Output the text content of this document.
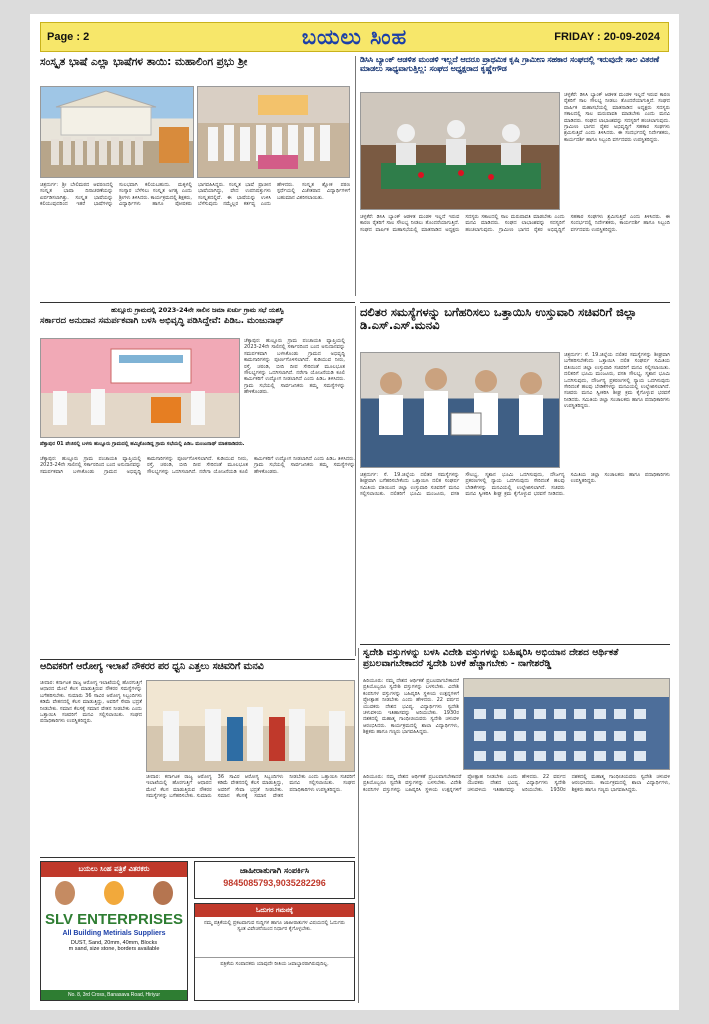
Page : 2	ಬಯಲು ಸಿಂಹ	FRIDAY : 20-09-2024
ಸಂಸ್ಕೃತ ಭಾಷೆ ಎಲ್ಲಾ ಭಾಷೆಗಳ ತಾಯಿ: ಮಹಾಲಿಂಗ ಪ್ರಭು ಶ್ರೀ
ಚಿತ್ರದುರ್ಗ: ಶ್ರೀ ಬೇಲಿಮಠದ ಆವರಣದಲ್ಲಿ ಸಂಸ್ಕೃತ ಭಾಷಾ ದಿನಾಚರಣೆಯನ್ನು ಏರ್ಪಡಿಸಲಾಗಿತ್ತು. ಸಂಸ್ಕೃತ ಭಾಷೆಯನ್ನು ಕಲಿಯುವುದರಿಂದ ಇತರೆ ಭಾಷೆಗಳನ್ನು ಸುಲಭವಾಗಿ ಕಲಿಯಬಹುದು. ಮಕ್ಕಳಲ್ಲಿ ಸಂಸ್ಕಾರ ಬೆಳೆಸಲು ಸಂಸ್ಕೃತ ಅಗತ್ಯ ಎಂದು ಶ್ರೀಗಳು ತಿಳಿಸಿದರು. ಕಾರ್ಯಕ್ರಮದಲ್ಲಿ ಶಿಕ್ಷಕರು, ವಿದ್ಯಾರ್ಥಿಗಳು ಹಾಗೂ ಪೋಷಕರು ಭಾಗವಹಿಸಿದ್ದರು. ಸಂಸ್ಕೃತ ಭಾಷೆ ಪ್ರಾಚೀನ ಭಾಷೆಯಾಗಿದ್ದು, ವೇದ ಉಪನಿಷತ್ತುಗಳು ಸಂಸ್ಕೃತದಲ್ಲಿವೆ. ಈ ಭಾಷೆಯನ್ನು ಉಳಿಸಿ ಬೆಳೆಸುವುದು ನಮ್ಮೆಲ್ಲರ ಕರ್ತವ್ಯ ಎಂದು ಹೇಳಿದರು. ಸಂಸ್ಕೃತ ಶ್ಲೋಕ ಪಠಣ ಸ್ಪರ್ಧೆಯಲ್ಲಿ ವಿಜೇತರಾದ ವಿದ್ಯಾರ್ಥಿಗಳಿಗೆ ಬಹುಮಾನ ವಿತರಿಸಲಾಯಿತು.
ಡಿಸಿಸಿ ಬ್ಯಾಂಕ್ ಆಡಳಿತ ಮಂಡಳಿ ಇಲ್ಲದೆ ಆದರೂ ಪ್ರಾಥಮಿಕ ಕೃಷಿ ಗ್ರಾಮೀಣ ಸಹಕಾರ ಸಂಘದಲ್ಲಿ ಇರುವುದೇ ಸಾಲ ವಿತರಣೆ ಮಾಡಲು ಸಾಧ್ಯವಾಗುತ್ತಿಲ್ಲ: ಸಂಘದ ಅಧ್ಯಕ್ಷರಾದ ಕೃಷ್ಣೇಗೌಡ
ಚಳ್ಳಕೆರೆ: ಡಿಸಿಸಿ ಬ್ಯಾಂಕ್ ಆಡಳಿತ ಮಂಡಳಿ ಇಲ್ಲದೆ ಇರುವ ಕಾರಣ ರೈತರಿಗೆ ಸಾಲ ಸೌಲಭ್ಯ ನೀಡಲು ತೊಂದರೆಯಾಗುತ್ತಿದೆ. ಸಂಘದ ವಾರ್ಷಿಕ ಮಹಾಸಭೆಯಲ್ಲಿ ಮಾತನಾಡಿದ ಅಧ್ಯಕ್ಷರು ಸದಸ್ಯರು ಸಕಾಲದಲ್ಲಿ ಸಾಲ ಮರುಪಾವತಿ ಮಾಡಬೇಕು ಎಂದು ಮನವಿ ಮಾಡಿದರು. ಸಂಘದ ಲಾಭಾಂಶವನ್ನು ಸದಸ್ಯರಿಗೆ ಹಂಚಲಾಗುವುದು. ಗ್ರಾಮೀಣ ಭಾಗದ ರೈತರ ಅಭಿವೃದ್ಧಿಗೆ ಸಹಕಾರ ಸಂಘಗಳು ಶ್ರಮಿಸುತ್ತಿವೆ ಎಂದು ತಿಳಿಸಿದರು. ಈ ಸಂದರ್ಭದಲ್ಲಿ ನಿರ್ದೇಶಕರು, ಕಾರ್ಯದರ್ಶಿ ಹಾಗೂ ಸಿಬ್ಬಂದಿ ವರ್ಗದವರು ಉಪಸ್ಥಿತರಿದ್ದರು.
ಚಳ್ಳಕೆರೆ: ಡಿಸಿಸಿ ಬ್ಯಾಂಕ್ ಆಡಳಿತ ಮಂಡಳಿ ಇಲ್ಲದೆ ಇರುವ ಕಾರಣ ರೈತರಿಗೆ ಸಾಲ ಸೌಲಭ್ಯ ನೀಡಲು ತೊಂದರೆಯಾಗುತ್ತಿದೆ. ಸಂಘದ ವಾರ್ಷಿಕ ಮಹಾಸಭೆಯಲ್ಲಿ ಮಾತನಾಡಿದ ಅಧ್ಯಕ್ಷರು ಸದಸ್ಯರು ಸಕಾಲದಲ್ಲಿ ಸಾಲ ಮರುಪಾವತಿ ಮಾಡಬೇಕು ಎಂದು ಮನವಿ ಮಾಡಿದರು. ಸಂಘದ ಲಾಭಾಂಶವನ್ನು ಸದಸ್ಯರಿಗೆ ಹಂಚಲಾಗುವುದು. ಗ್ರಾಮೀಣ ಭಾಗದ ರೈತರ ಅಭಿವೃದ್ಧಿಗೆ ಸಹಕಾರ ಸಂಘಗಳು ಶ್ರಮಿಸುತ್ತಿವೆ ಎಂದು ತಿಳಿಸಿದರು. ಈ ಸಂದರ್ಭದಲ್ಲಿ ನಿರ್ದೇಶಕರು, ಕಾರ್ಯದರ್ಶಿ ಹಾಗೂ ಸಿಬ್ಬಂದಿ ವರ್ಗದವರು ಉಪಸ್ಥಿತರಿದ್ದರು.
ಹುಲ್ಲೂರು ಗ್ರಾಮದಲ್ಲಿ 2023-24ನೇ ಸಾಲಿನ ಜಮಾ ಖರ್ಚು ಗ್ರಾಮ ಸಭೆ ಯಶಸ್ವಿ
ಸರ್ಕಾರದ ಅನುದಾನ ಸಮರ್ಪಕವಾಗಿ ಬಳಸಿ ಅಭಿವೃದ್ಧಿ ಪಡಿಸಿದ್ದೇವೆ: ಪಿಡಿಒ. ಮಂಜುನಾಥ್
ಚೆಕ್ಕಾಪುರ: ಹುಲ್ಲೂರು ಗ್ರಾಮ ಪಂಚಾಯತಿ ವ್ಯಾಪ್ತಿಯಲ್ಲಿ 2023-24ನೇ ಸಾಲಿನಲ್ಲಿ ಸರ್ಕಾರದಿಂದ ಬಂದ ಅನುದಾನವನ್ನು ಸಮರ್ಪಕವಾಗಿ ಬಳಸಿಕೊಂಡು ಗ್ರಾಮದ ಅಭಿವೃದ್ಧಿ ಕಾಮಗಾರಿಗಳನ್ನು ಪೂರ್ಣಗೊಳಿಸಲಾಗಿದೆ. ಕುಡಿಯುವ ನೀರು, ರಸ್ತೆ, ಚರಂಡಿ, ಬೀದಿ ದೀಪ ಸೇರಿದಂತೆ ಮೂಲಭೂತ ಸೌಲಭ್ಯಗಳನ್ನು ಒದಗಿಸಲಾಗಿದೆ. ನರೇಗಾ ಯೋಜನೆಯಡಿ ಕೂಲಿ ಕಾರ್ಮಿಕರಿಗೆ ಉದ್ಯೋಗ ನೀಡಲಾಗಿದೆ ಎಂದು ಪಿಡಿಒ ತಿಳಿಸಿದರು. ಗ್ರಾಮ ಸಭೆಯಲ್ಲಿ ಸಾರ್ವಜನಿಕರು ತಮ್ಮ ಸಮಸ್ಯೆಗಳನ್ನು ಹೇಳಿಕೊಂಡರು.
ಪೆತ್ತಾಪುರ 01 ಪೇಜಿನಲ್ಲಿ ಬಳಸು ಹುಲ್ಲೂರು ಗ್ರಾಮದಲ್ಲಿ ಹಮ್ಮಿಕೊಂಡಿದ್ದ ಗ್ರಾಮ ಸಭೆಯಲ್ಲಿ ಪಿಡಿಒ ಮಂಜುನಾಥ್ ಮಾತನಾಡಿದರು.
ಚೆಕ್ಕಾಪುರ: ಹುಲ್ಲೂರು ಗ್ರಾಮ ಪಂಚಾಯತಿ ವ್ಯಾಪ್ತಿಯಲ್ಲಿ 2023-24ನೇ ಸಾಲಿನಲ್ಲಿ ಸರ್ಕಾರದಿಂದ ಬಂದ ಅನುದಾನವನ್ನು ಸಮರ್ಪಕವಾಗಿ ಬಳಸಿಕೊಂಡು ಗ್ರಾಮದ ಅಭಿವೃದ್ಧಿ ಕಾಮಗಾರಿಗಳನ್ನು ಪೂರ್ಣಗೊಳಿಸಲಾಗಿದೆ. ಕುಡಿಯುವ ನೀರು, ರಸ್ತೆ, ಚರಂಡಿ, ಬೀದಿ ದೀಪ ಸೇರಿದಂತೆ ಮೂಲಭೂತ ಸೌಲಭ್ಯಗಳನ್ನು ಒದಗಿಸಲಾಗಿದೆ. ನರೇಗಾ ಯೋಜನೆಯಡಿ ಕೂಲಿ ಕಾರ್ಮಿಕರಿಗೆ ಉದ್ಯೋಗ ನೀಡಲಾಗಿದೆ ಎಂದು ಪಿಡಿಒ ತಿಳಿಸಿದರು. ಗ್ರಾಮ ಸಭೆಯಲ್ಲಿ ಸಾರ್ವಜನಿಕರು ತಮ್ಮ ಸಮಸ್ಯೆಗಳನ್ನು ಹೇಳಿಕೊಂಡರು.
ದಲಿತರ ಸಮಸ್ಯೆಗಳನ್ನು ಬಗೆಹರಿಸಲು ಒತ್ತಾಯಿಸಿ ಉಸ್ತುವಾರಿ ಸಚಿವರಿಗೆ ಜಿಲ್ಲಾ ಡಿ.ಎಸ್.ಎಸ್.ಮನವಿ
ಚಿತ್ರದುರ್ಗ: ಸೆ. 19.ಜಿಲ್ಲೆಯ ದಲಿತರ ಸಮಸ್ಯೆಗಳನ್ನು ಶೀಘ್ರವಾಗಿ ಬಗೆಹರಿಸಬೇಕೆಂದು ಒತ್ತಾಯಿಸಿ ದಲಿತ ಸಂಘರ್ಷ ಸಮಿತಿಯ ವತಿಯಿಂದ ಜಿಲ್ಲಾ ಉಸ್ತುವಾರಿ ಸಚಿವರಿಗೆ ಮನವಿ ಸಲ್ಲಿಸಲಾಯಿತು. ದಲಿತರಿಗೆ ಭೂಮಿ ಮಂಜೂರು, ವಸತಿ ಸೌಲಭ್ಯ, ಸ್ಮಶಾನ ಭೂಮಿ ಒದಗಿಸುವುದು, ದೌರ್ಜನ್ಯ ಪ್ರಕರಣಗಳಲ್ಲಿ ನ್ಯಾಯ ಒದಗಿಸುವುದು ಸೇರಿದಂತೆ ಹಲವು ಬೇಡಿಕೆಗಳನ್ನು ಮನವಿಯಲ್ಲಿ ಉಲ್ಲೇಖಿಸಲಾಗಿದೆ. ಸಚಿವರು ಮನವಿ ಸ್ವೀಕರಿಸಿ ಶೀಘ್ರ ಕ್ರಮ ಕೈಗೊಳ್ಳುವ ಭರವಸೆ ನೀಡಿದರು. ಸಮಿತಿಯ ಜಿಲ್ಲಾ ಸಂಚಾಲಕರು ಹಾಗೂ ಪದಾಧಿಕಾರಿಗಳು ಉಪಸ್ಥಿತರಿದ್ದರು.
ಚಿತ್ರದುರ್ಗ: ಸೆ. 19.ಜಿಲ್ಲೆಯ ದಲಿತರ ಸಮಸ್ಯೆಗಳನ್ನು ಶೀಘ್ರವಾಗಿ ಬಗೆಹರಿಸಬೇಕೆಂದು ಒತ್ತಾಯಿಸಿ ದಲಿತ ಸಂಘರ್ಷ ಸಮಿತಿಯ ವತಿಯಿಂದ ಜಿಲ್ಲಾ ಉಸ್ತುವಾರಿ ಸಚಿವರಿಗೆ ಮನವಿ ಸಲ್ಲಿಸಲಾಯಿತು. ದಲಿತರಿಗೆ ಭೂಮಿ ಮಂಜೂರು, ವಸತಿ ಸೌಲಭ್ಯ, ಸ್ಮಶಾನ ಭೂಮಿ ಒದಗಿಸುವುದು, ದೌರ್ಜನ್ಯ ಪ್ರಕರಣಗಳಲ್ಲಿ ನ್ಯಾಯ ಒದಗಿಸುವುದು ಸೇರಿದಂತೆ ಹಲವು ಬೇಡಿಕೆಗಳನ್ನು ಮನವಿಯಲ್ಲಿ ಉಲ್ಲೇಖಿಸಲಾಗಿದೆ. ಸಚಿವರು ಮನವಿ ಸ್ವೀಕರಿಸಿ ಶೀಘ್ರ ಕ್ರಮ ಕೈಗೊಳ್ಳುವ ಭರವಸೆ ನೀಡಿದರು. ಸಮಿತಿಯ ಜಿಲ್ಲಾ ಸಂಚಾಲಕರು ಹಾಗೂ ಪದಾಧಿಕಾರಿಗಳು ಉಪಸ್ಥಿತರಿದ್ದರು.
ಆದಿವಕರಿಗೆ ಆರೋಗ್ಯ ಇಲಾಖೆ ನೌಕರರ ಪರ ಧ್ವನಿ ಎತ್ತಲು ಸಚಿವರಿಗೆ ಮನವಿ
ಚೀದಾರ: ಕರ್ನಾಟಕ ರಾಜ್ಯ ಆರೋಗ್ಯ ಇಲಾಖೆಯಲ್ಲಿ ಹೊರಗುತ್ತಿಗೆ ಆಧಾರದ ಮೇಲೆ ಕೆಲಸ ಮಾಡುತ್ತಿರುವ ನೌಕರರ ಸಮಸ್ಯೆಗಳನ್ನು ಬಗೆಹರಿಸಬೇಕು. ಸುಮಾರು 36 ಸಾವಿರ ಆರೋಗ್ಯ ಸಿಬ್ಬಂದಿಗಳು ಕಡಿಮೆ ವೇತನದಲ್ಲಿ ಕೆಲಸ ಮಾಡುತ್ತಿದ್ದು, ಅವರಿಗೆ ಸೇವಾ ಭದ್ರತೆ ನೀಡಬೇಕು. ಸಮಾನ ಕೆಲಸಕ್ಕೆ ಸಮಾನ ವೇತನ ನೀಡಬೇಕು ಎಂದು ಒತ್ತಾಯಿಸಿ ಸಚಿವರಿಗೆ ಮನವಿ ಸಲ್ಲಿಸಲಾಯಿತು. ಸಂಘದ ಪದಾಧಿಕಾರಿಗಳು ಉಪಸ್ಥಿತರಿದ್ದರು.
ಚೀದಾರ: ಕರ್ನಾಟಕ ರಾಜ್ಯ ಆರೋಗ್ಯ ಇಲಾಖೆಯಲ್ಲಿ ಹೊರಗುತ್ತಿಗೆ ಆಧಾರದ ಮೇಲೆ ಕೆಲಸ ಮಾಡುತ್ತಿರುವ ನೌಕರರ ಸಮಸ್ಯೆಗಳನ್ನು ಬಗೆಹರಿಸಬೇಕು. ಸುಮಾರು 36 ಸಾವಿರ ಆರೋಗ್ಯ ಸಿಬ್ಬಂದಿಗಳು ಕಡಿಮೆ ವೇತನದಲ್ಲಿ ಕೆಲಸ ಮಾಡುತ್ತಿದ್ದು, ಅವರಿಗೆ ಸೇವಾ ಭದ್ರತೆ ನೀಡಬೇಕು. ಸಮಾನ ಕೆಲಸಕ್ಕೆ ಸಮಾನ ವೇತನ ನೀಡಬೇಕು ಎಂದು ಒತ್ತಾಯಿಸಿ ಸಚಿವರಿಗೆ ಮನವಿ ಸಲ್ಲಿಸಲಾಯಿತು. ಸಂಘದ ಪದಾಧಿಕಾರಿಗಳು ಉಪಸ್ಥಿತರಿದ್ದರು.
ಬಯಲು ಸಿಂಹ ಪತ್ರಿಕೆ ವಿತರಕರು
SLV ENTERPRISES
All Building Metirials Suppliers
DUST, Sand, 20mm, 40mm, Blocks
m sand, size stone, borders available
No. 8, 3rd Cross, Banasava Road, Hiriyur
ಜಾಹೀರಾತುಗಾಗಿ ಸಂಪರ್ಕಿಸಿ
9845085793,9035282296
ಓದುಗರ ಗಮನಕ್ಕೆ
ನಮ್ಮ ಪತ್ರಿಕೆಯಲ್ಲಿ ಪ್ರಕಟವಾಗುವ ಸುದ್ದಿಗಳ ಹಾಗೂ ಜಾಹೀರಾತುಗಳ ವಿಷಯದಲ್ಲಿ ಓದುಗರು ಸ್ವಂತ ವಿವೇಚನೆಯಿಂದ ನಿರ್ಧಾರ ಕೈಗೊಳ್ಳಬೇಕು.
ಪತ್ರಿಕೆಯ ಸಂಪಾದಕರು ಯಾವುದೇ ರೀತಿಯ ಜವಾಬ್ದಾರರಾಗಿರುವುದಿಲ್ಲ.
ಸ್ವದೇಶಿ ವಸ್ತುಗಳನ್ನು ಬಳಸಿ ವಿದೇಶಿ ವಸ್ತುಗಳನ್ನು ಬಹಿಷ್ಕರಿಸಿ ಅಭಿಯಾನ ದೇಶದ ಆರ್ಥಿಕತೆ ಪ್ರಬಲವಾಗಬೇಕಾದರೆ ಸ್ವದೇಶಿ ಬಳಕೆ ಹೆಚ್ಚಾಗಬೇಕು - ನಾಗೇಶರೆಡ್ಡಿ
ಹಿರಿಯೂರು: ನಮ್ಮ ದೇಶದ ಆರ್ಥಿಕತೆ ಪ್ರಬಲವಾಗಬೇಕಾದರೆ ಪ್ರತಿಯೊಬ್ಬರೂ ಸ್ವದೇಶಿ ವಸ್ತುಗಳನ್ನು ಬಳಸಬೇಕು. ವಿದೇಶಿ ಕಂಪನಿಗಳ ವಸ್ತುಗಳನ್ನು ಬಹಿಷ್ಕರಿಸಿ ಸ್ಥಳೀಯ ಉತ್ಪನ್ನಗಳಿಗೆ ಪ್ರೋತ್ಸಾಹ ನೀಡಬೇಕು ಎಂದು ಹೇಳಿದರು. 22 ವರ್ಷದ ಯುವಕರು ದೇಶದ ಭವಿಷ್ಯ. ವಿದ್ಯಾರ್ಥಿಗಳು ಸ್ವದೇಶಿ ಚಳುವಳಿಯ ಇತಿಹಾಸವನ್ನು ಅರಿಯಬೇಕು. 1930ರ ದಶಕದಲ್ಲಿ ಮಹಾತ್ಮ ಗಾಂಧೀಜಿಯವರು ಸ್ವದೇಶಿ ಚಳುವಳಿ ಆರಂಭಿಸಿದರು. ಕಾರ್ಯಕ್ರಮದಲ್ಲಿ ಶಾಲಾ ವಿದ್ಯಾರ್ಥಿಗಳು, ಶಿಕ್ಷಕರು ಹಾಗೂ ಗಣ್ಯರು ಭಾಗವಹಿಸಿದ್ದರು.
ಹಿರಿಯೂರು: ನಮ್ಮ ದೇಶದ ಆರ್ಥಿಕತೆ ಪ್ರಬಲವಾಗಬೇಕಾದರೆ ಪ್ರತಿಯೊಬ್ಬರೂ ಸ್ವದೇಶಿ ವಸ್ತುಗಳನ್ನು ಬಳಸಬೇಕು. ವಿದೇಶಿ ಕಂಪನಿಗಳ ವಸ್ತುಗಳನ್ನು ಬಹಿಷ್ಕರಿಸಿ ಸ್ಥಳೀಯ ಉತ್ಪನ್ನಗಳಿಗೆ ಪ್ರೋತ್ಸಾಹ ನೀಡಬೇಕು ಎಂದು ಹೇಳಿದರು. 22 ವರ್ಷದ ಯುವಕರು ದೇಶದ ಭವಿಷ್ಯ. ವಿದ್ಯಾರ್ಥಿಗಳು ಸ್ವದೇಶಿ ಚಳುವಳಿಯ ಇತಿಹಾಸವನ್ನು ಅರಿಯಬೇಕು. 1930ರ ದಶಕದಲ್ಲಿ ಮಹಾತ್ಮ ಗಾಂಧೀಜಿಯವರು ಸ್ವದೇಶಿ ಚಳುವಳಿ ಆರಂಭಿಸಿದರು. ಕಾರ್ಯಕ್ರಮದಲ್ಲಿ ಶಾಲಾ ವಿದ್ಯಾರ್ಥಿಗಳು, ಶಿಕ್ಷಕರು ಹಾಗೂ ಗಣ್ಯರು ಭಾಗವಹಿಸಿದ್ದರು.
